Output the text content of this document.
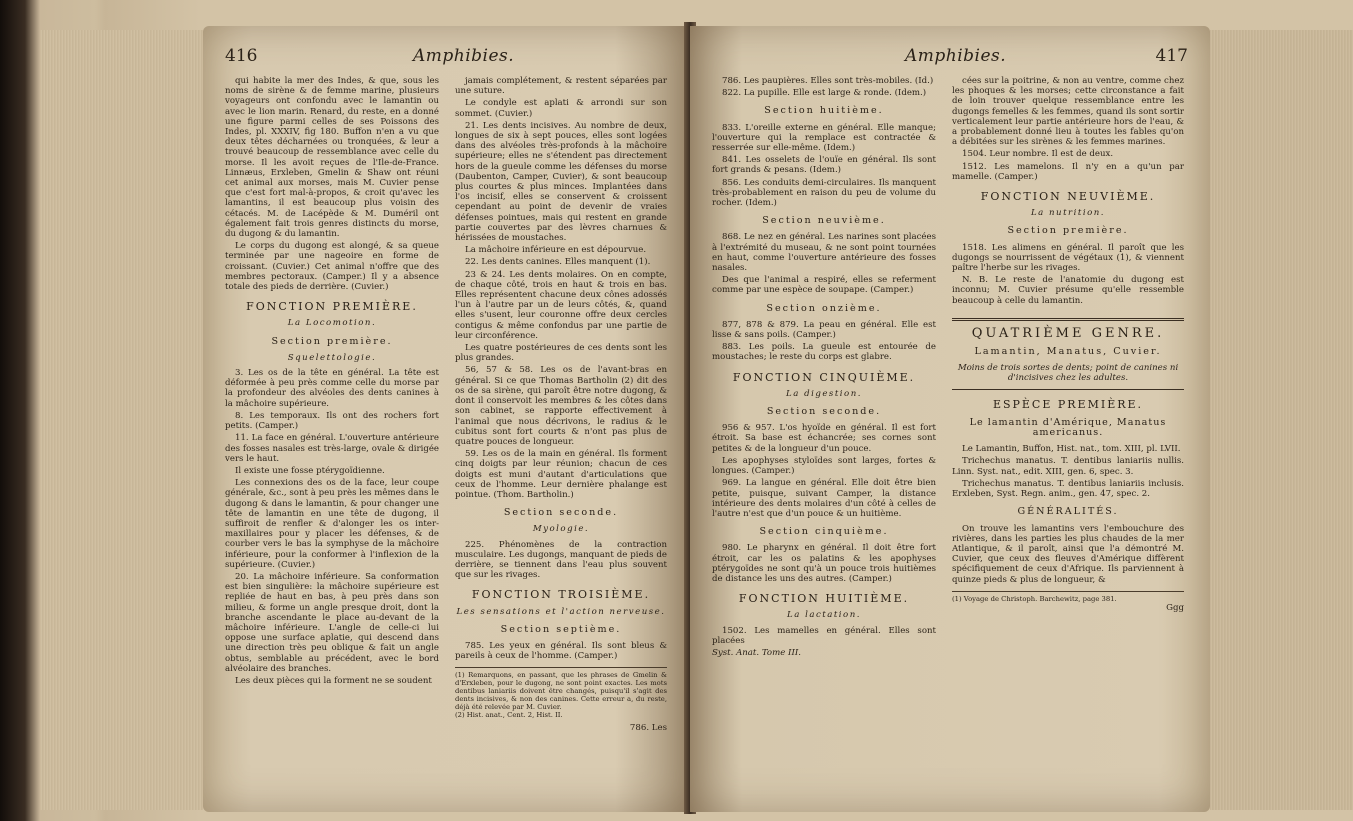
416	Amphibies.

qui habite la mer des Indes, & que, sous les noms de sirène & de femme marine, plusieurs voyageurs ont confondu avec le lamantin ou avec le lion marin. Renard, du reste, en a donné une figure parmi celles de ses Poissons des Indes, pl. XXXIV, fig 180. Buffon n'en a vu que deux têtes décharnées ou tronquées, & leur a trouvé beaucoup de ressemblance avec celle du morse. Il les avoit reçues de l'Ile-de-France. Linnæus, Erxleben, Gmelin & Shaw ont réuni cet animal aux morses, mais M. Cuvier pense que c'est fort mal-à-propos, & croit qu'avec les lamantins, il est beaucoup plus voisin des cétacés. M. de Lacépède & M. Duméril ont également fait trois genres distincts du morse, du dugong & du lamantin.

Le corps du dugong est alongé, & sa queue terminée par une nageoire en forme de croissant. (Cuvier.) Cet animal n'offre que des membres pectoraux. (Camper.) Il y a absence totale des pieds de derrière. (Cuvier.)

FONCTION PREMIÈRE.

La Locomotion.

Section première.

Squelettologie.

3. Les os de la tête en général. La tête est déformée à peu près comme celle du morse par la profondeur des alvéoles des dents canines à la mâchoire supérieure.

8. Les temporaux. Ils ont des rochers fort petits. (Camper.)

11. La face en général. L'ouverture antérieure des fosses nasales est très-large, ovale & dirigée vers le haut.

Il existe une fosse ptérygoïdienne.

Les connexions des os de la face, leur coupe générale, &c., sont à peu près les mêmes dans le dugong & dans le lamantin, & pour changer une tête de lamantin en une tête de dugong, il suffiroit de renfler & d'alonger les os inter-maxillaires pour y placer les défenses, & de courber vers le bas la symphyse de la mâchoire inférieure, pour la conformer à l'inflexion de la supérieure. (Cuvier.)

20. La mâchoire inférieure. Sa conformation est bien singulière: la mâchoire supérieure est repliée de haut en bas, à peu près dans son milieu, & forme un angle presque droit, dont la branche ascendante le place au-devant de la mâchoire inférieure. L'angle de celle-ci lui oppose une surface aplatie, qui descend dans une direction très peu oblique & fait un angle obtus, semblable au précédent, avec le bord alvéolaire des branches.

Les deux pièces qui la forment ne se soudent

jamais complétement, & restent séparées par une suture.

Le condyle est aplati & arrondi sur son sommet. (Cuvier.)

21. Les dents incisives. Au nombre de deux, longues de six à sept pouces, elles sont logées dans des alvéoles très-profonds à la mâchoire supérieure; elles ne s'étendent pas directement hors de la gueule comme les défenses du morse (Daubenton, Camper, Cuvier), & sont beaucoup plus courtes & plus minces. Implantées dans l'os incisif, elles se conservent & croissent cependant au point de devenir de vraies défenses pointues, mais qui restent en grande partie couvertes par des lèvres charnues & hérissées de moustaches.

La mâchoire inférieure en est dépourvue.

22. Les dents canines. Elles manquent (1).

23 & 24. Les dents molaires. On en compte, de chaque côté, trois en haut & trois en bas. Elles représentent chacune deux cônes adossés l'un à l'autre par un de leurs côtés, &, quand elles s'usent, leur couronne offre deux cercles contigus & même confondus par une partie de leur circonférence.

Les quatre postérieures de ces dents sont les plus grandes.

56, 57 & 58. Les os de l'avant-bras en général. Si ce que Thomas Bartholin (2) dit des os de sa sirène, qui paroît être notre dugong, & dont il conservoit les membres & les côtes dans son cabinet, se rapporte effectivement à l'animal que nous décrivons, le radius & le cubitus sont fort courts & n'ont pas plus de quatre pouces de longueur.

59. Les os de la main en général. Ils forment cinq doigts par leur réunion; chacun de ces doigts est muni d'autant d'articulations que ceux de l'homme. Leur dernière phalange est pointue. (Thom. Bartholin.)

Section seconde.

Myologie.

225. Phénomènes de la contraction musculaire. Les dugongs, manquant de pieds de derrière, se tiennent dans l'eau plus souvent que sur les rivages.

FONCTION TROISIÈME.

Les sensations et l'action nerveuse.

Section septième.

785. Les yeux en général. Ils sont bleus & pareils à ceux de l'homme. (Camper.)

(1) Remarquons, en passant, que les phrases de Gmelin & d'Erxleben, pour le dugong, ne sont point exactes. Les mots dentibus laniariis doivent être changés, puisqu'il s'agit des dents incisives, & non des canines. Cette erreur a, du reste, déjà été relevée par M. Cuvier.

(2) Hist. anat., Cent. 2, Hist. II.

786. Les

Amphibies.	417

786. Les paupières. Elles sont très-mobiles. (Id.)

822. La pupille. Elle est large & ronde. (Idem.)

Section huitième.

833. L'oreille externe en général. Elle manque; l'ouverture qui la remplace est contractée & resserrée sur elle-même. (Idem.)

841. Les osselets de l'ouïe en général. Ils sont fort grands & pesans. (Idem.)

856. Les conduits demi-circulaires. Ils manquent très-probablement en raison du peu de volume du rocher. (Idem.)

Section neuvième.

868. Le nez en général. Les narines sont placées à l'extrémité du museau, & ne sont point tournées en haut, comme l'ouverture antérieure des fosses nasales.

Des que l'animal a respiré, elles se referment comme par une espèce de soupape. (Camper.)

Section onzième.

877, 878 & 879. La peau en général. Elle est lisse & sans poils. (Camper.)

883. Les poils. La gueule est entourée de moustaches; le reste du corps est glabre.

FONCTION CINQUIÈME.

La digestion.

Section seconde.

956 & 957. L'os hyoïde en général. Il est fort étroit. Sa base est échancrée; ses cornes sont petites & de la longueur d'un pouce.

Les apophyses styloïdes sont larges, fortes & longues. (Camper.)

969. La langue en général. Elle doit être bien petite, puisque, suivant Camper, la distance intérieure des dents molaires d'un côté à celles de l'autre n'est que d'un pouce & un huitième.

Section cinquième.

980. Le pharynx en général. Il doit être fort étroit, car les os palatins & les apophyses ptérygoïdes ne sont qu'à un pouce trois huitièmes de distance les uns des autres. (Camper.)

FONCTION HUITIÈME.

La lactation.

1502. Les mamelles en général. Elles sont placées

Syst. Anat. Tome III.

cées sur la poitrine, & non au ventre, comme chez les phoques & les morses; cette circonstance a fait de loin trouver quelque ressemblance entre les dugongs femelles & les femmes, quand ils sont sortir verticalement leur partie antérieure hors de l'eau, & a probablement donné lieu à toutes les fables qu'on a débitées sur les sirènes & les femmes marines.

1504. Leur nombre. Il est de deux.

1512. Les mamelons. Il n'y en a qu'un par mamelle. (Camper.)

FONCTION NEUVIÈME.

La nutrition.

Section première.

1518. Les alimens en général. Il paroît que les dugongs se nourrissent de végétaux (1), & viennent paître l'herbe sur les rivages.

N. B. Le reste de l'anatomie du dugong est inconnu; M. Cuvier présume qu'elle ressemble beaucoup à celle du lamantin.

QUATRIÈME GENRE.

Lamantin, Manatus, Cuvier.

Moins de trois sortes de dents; point de canines ni d'incisives chez les adultes.

ESPÈCE PREMIÈRE.

Le lamantin d'Amérique, Manatus americanus.

Le Lamantin, Buffon, Hist. nat., tom. XIII, pl. LVII.

Trichechus manatus. T. dentibus laniariis nullis. Linn. Syst. nat., edit. XIII, gen. 6, spec. 3.

Trichechus manatus. T. dentibus laniariis inclusis. Erxleben, Syst. Regn. anim., gen. 47, spec. 2.

GÉNÉRALITÉS.

On trouve les lamantins vers l'embouchure des rivières, dans les parties les plus chaudes de la mer Atlantique, & il paroît, ainsi que l'a démontré M. Cuvier, que ceux des fleuves d'Amérique diffèrent spécifiquement de ceux d'Afrique. Ils parviennent à quinze pieds & plus de longueur, &

(1) Voyage de Christoph. Barchewitz, page 381.

Ggg
